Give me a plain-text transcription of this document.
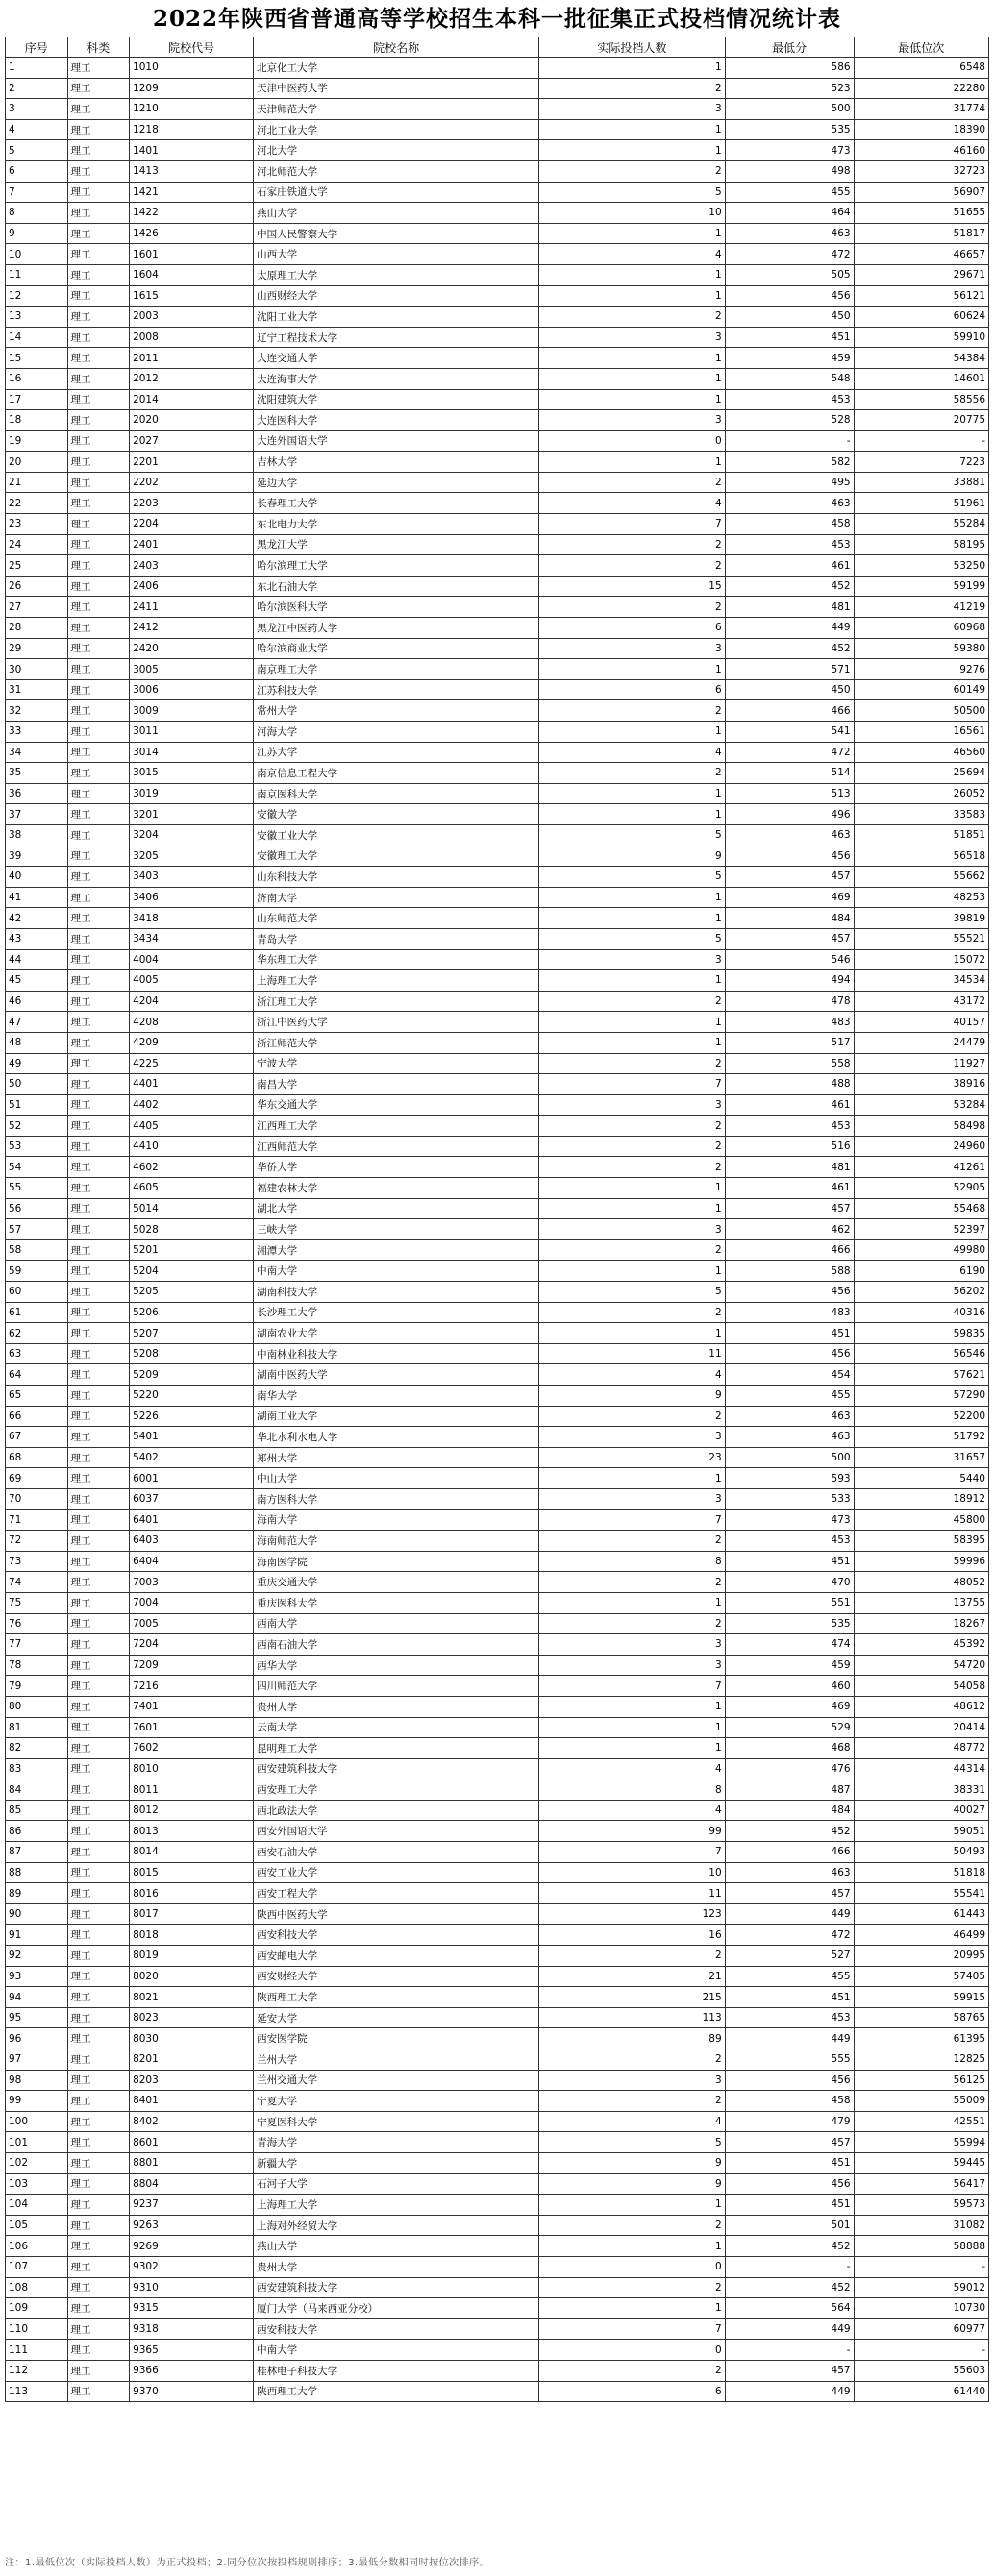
2022年陕西省普通高等学校招生本科一批征集正式投档情况统计表
序号	科类	院校代号	院校名称	实际投档人数	最低分	最低位次
1	理工	1010	北京化工大学	1	586	6548
2	理工	1209	天津中医药大学	2	523	22280
3	理工	1210	天津师范大学	3	500	31774
4	理工	1218	河北工业大学	1	535	18390
5	理工	1401	河北大学	1	473	46160
6	理工	1413	河北师范大学	2	498	32723
7	理工	1421	石家庄铁道大学	5	455	56907
8	理工	1422	燕山大学	10	464	51655
9	理工	1426	中国人民警察大学	1	463	51817
10	理工	1601	山西大学	4	472	46657
11	理工	1604	太原理工大学	1	505	29671
12	理工	1615	山西财经大学	1	456	56121
13	理工	2003	沈阳工业大学	2	450	60624
14	理工	2008	辽宁工程技术大学	3	451	59910
15	理工	2011	大连交通大学	1	459	54384
16	理工	2012	大连海事大学	1	548	14601
17	理工	2014	沈阳建筑大学	1	453	58556
18	理工	2020	大连医科大学	3	528	20775
19	理工	2027	大连外国语大学	0	-	-
20	理工	2201	吉林大学	1	582	7223
21	理工	2202	延边大学	2	495	33881
22	理工	2203	长春理工大学	4	463	51961
23	理工	2204	东北电力大学	7	458	55284
24	理工	2401	黑龙江大学	2	453	58195
25	理工	2403	哈尔滨理工大学	2	461	53250
26	理工	2406	东北石油大学	15	452	59199
27	理工	2411	哈尔滨医科大学	2	481	41219
28	理工	2412	黑龙江中医药大学	6	449	60968
29	理工	2420	哈尔滨商业大学	3	452	59380
30	理工	3005	南京理工大学	1	571	9276
31	理工	3006	江苏科技大学	6	450	60149
32	理工	3009	常州大学	2	466	50500
33	理工	3011	河海大学	1	541	16561
34	理工	3014	江苏大学	4	472	46560
35	理工	3015	南京信息工程大学	2	514	25694
36	理工	3019	南京医科大学	1	513	26052
37	理工	3201	安徽大学	1	496	33583
38	理工	3204	安徽工业大学	5	463	51851
39	理工	3205	安徽理工大学	9	456	56518
40	理工	3403	山东科技大学	5	457	55662
41	理工	3406	济南大学	1	469	48253
42	理工	3418	山东师范大学	1	484	39819
43	理工	3434	青岛大学	5	457	55521
44	理工	4004	华东理工大学	3	546	15072
45	理工	4005	上海理工大学	1	494	34534
46	理工	4204	浙江理工大学	2	478	43172
47	理工	4208	浙江中医药大学	1	483	40157
48	理工	4209	浙江师范大学	1	517	24479
49	理工	4225	宁波大学	2	558	11927
50	理工	4401	南昌大学	7	488	38916
51	理工	4402	华东交通大学	3	461	53284
52	理工	4405	江西理工大学	2	453	58498
53	理工	4410	江西师范大学	2	516	24960
54	理工	4602	华侨大学	2	481	41261
55	理工	4605	福建农林大学	1	461	52905
56	理工	5014	湖北大学	1	457	55468
57	理工	5028	三峡大学	3	462	52397
58	理工	5201	湘潭大学	2	466	49980
59	理工	5204	中南大学	1	588	6190
60	理工	5205	湖南科技大学	5	456	56202
61	理工	5206	长沙理工大学	2	483	40316
62	理工	5207	湖南农业大学	1	451	59835
63	理工	5208	中南林业科技大学	11	456	56546
64	理工	5209	湖南中医药大学	4	454	57621
65	理工	5220	南华大学	9	455	57290
66	理工	5226	湖南工业大学	2	463	52200
67	理工	5401	华北水利水电大学	3	463	51792
68	理工	5402	郑州大学	23	500	31657
69	理工	6001	中山大学	1	593	5440
70	理工	6037	南方医科大学	3	533	18912
71	理工	6401	海南大学	7	473	45800
72	理工	6403	海南师范大学	2	453	58395
73	理工	6404	海南医学院	8	451	59996
74	理工	7003	重庆交通大学	2	470	48052
75	理工	7004	重庆医科大学	1	551	13755
76	理工	7005	西南大学	2	535	18267
77	理工	7204	西南石油大学	3	474	45392
78	理工	7209	西华大学	3	459	54720
79	理工	7216	四川师范大学	7	460	54058
80	理工	7401	贵州大学	1	469	48612
81	理工	7601	云南大学	1	529	20414
82	理工	7602	昆明理工大学	1	468	48772
83	理工	8010	西安建筑科技大学	4	476	44314
84	理工	8011	西安理工大学	8	487	38331
85	理工	8012	西北政法大学	4	484	40027
86	理工	8013	西安外国语大学	99	452	59051
87	理工	8014	西安石油大学	7	466	50493
88	理工	8015	西安工业大学	10	463	51818
89	理工	8016	西安工程大学	11	457	55541
90	理工	8017	陕西中医药大学	123	449	61443
91	理工	8018	西安科技大学	16	472	46499
92	理工	8019	西安邮电大学	2	527	20995
93	理工	8020	西安财经大学	21	455	57405
94	理工	8021	陕西理工大学	215	451	59915
95	理工	8023	延安大学	113	453	58765
96	理工	8030	西安医学院	89	449	61395
97	理工	8201	兰州大学	2	555	12825
98	理工	8203	兰州交通大学	3	456	56125
99	理工	8401	宁夏大学	2	458	55009
100	理工	8402	宁夏医科大学	4	479	42551
101	理工	8601	青海大学	5	457	55994
102	理工	8801	新疆大学	9	451	59445
103	理工	8804	石河子大学	9	456	56417
104	理工	9237	上海理工大学	1	451	59573
105	理工	9263	上海对外经贸大学	2	501	31082
106	理工	9269	燕山大学	1	452	58888
107	理工	9302	贵州大学	0	-	-
108	理工	9310	西安建筑科技大学	2	452	59012
109	理工	9315	厦门大学（马来西亚分校）	1	564	10730
110	理工	9318	西安科技大学	7	449	60977
111	理工	9365	中南大学	0	-	-
112	理工	9366	桂林电子科技大学	2	457	55603
113	理工	9370	陕西理工大学	6	449	61440
注：1.最低位次（实际投档人数）为正式投档；2.同分位次按投档规则排序；3.最低分数相同时按位次排序。
